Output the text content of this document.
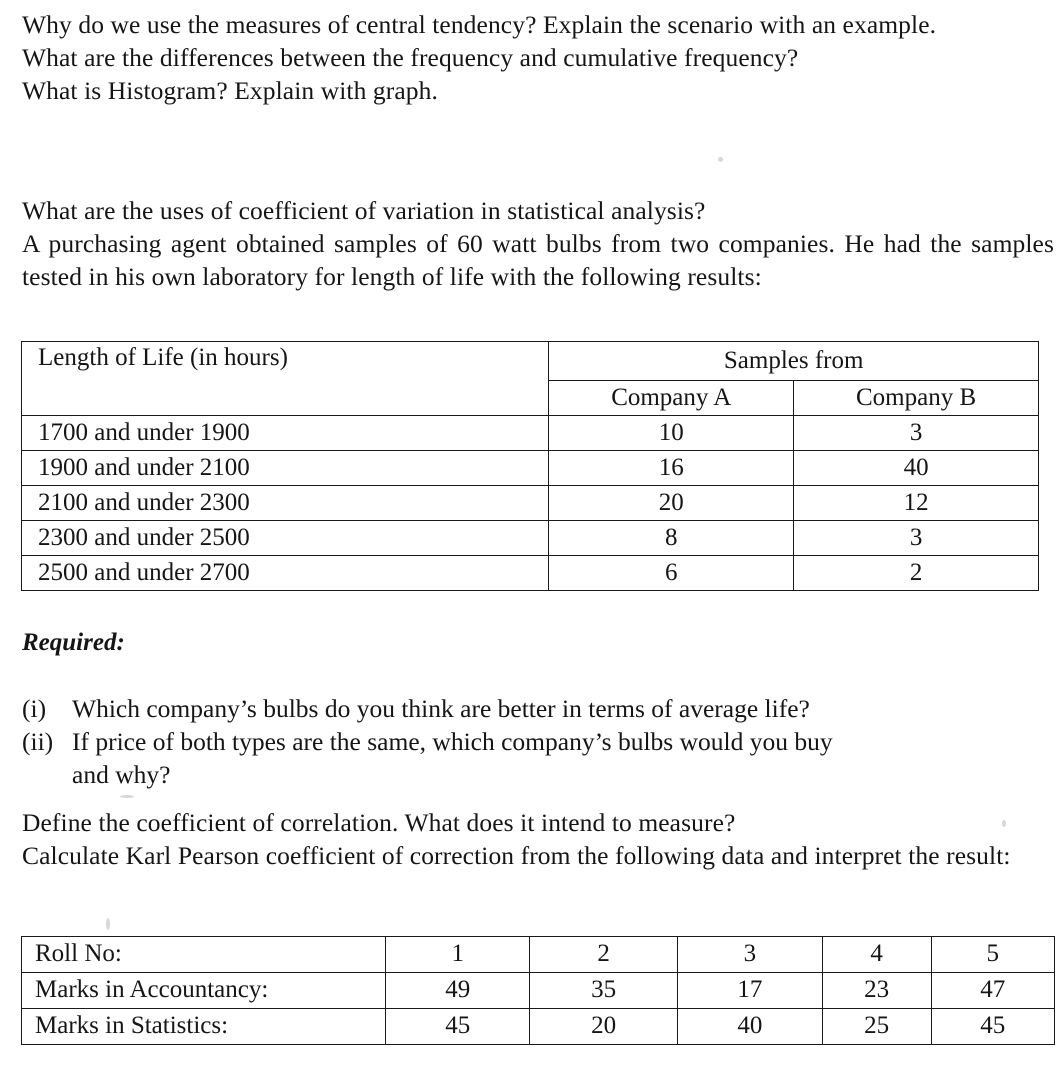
Why do we use the measures of central tendency? Explain the scenario with an example.

What are the differences between the frequency and cumulative frequency?

What is Histogram? Explain with graph.

What are the uses of coefficient of variation in statistical analysis?

A purchasing agent obtained samples of 60 watt bulbs from two companies. He had the samples tested in his own laboratory for length of life with the following results:

Length of Life (in hours)	Samples from	
	Company A	Company B
1700 and under 1900	10	3
1900 and under 2100	16	40
2100 and under 2300	20	12
2300 and under 2500	8	3
2500 and under 2700	6	2
Required:
(i)	Which company’s bulbs do you think are better in terms of average life?
(ii) If price of both types are the same, which company’s bulbs would you buy
and why?

Define the coefficient of correlation. What does it intend to measure?

Calculate Karl Pearson coefficient of correction from the following data and interpret the result:

Roll No:	1	2	3	4	5
Marks in Accountancy:	49	35	17	23	47
Marks in Statistics:	45	20	40	25	45
